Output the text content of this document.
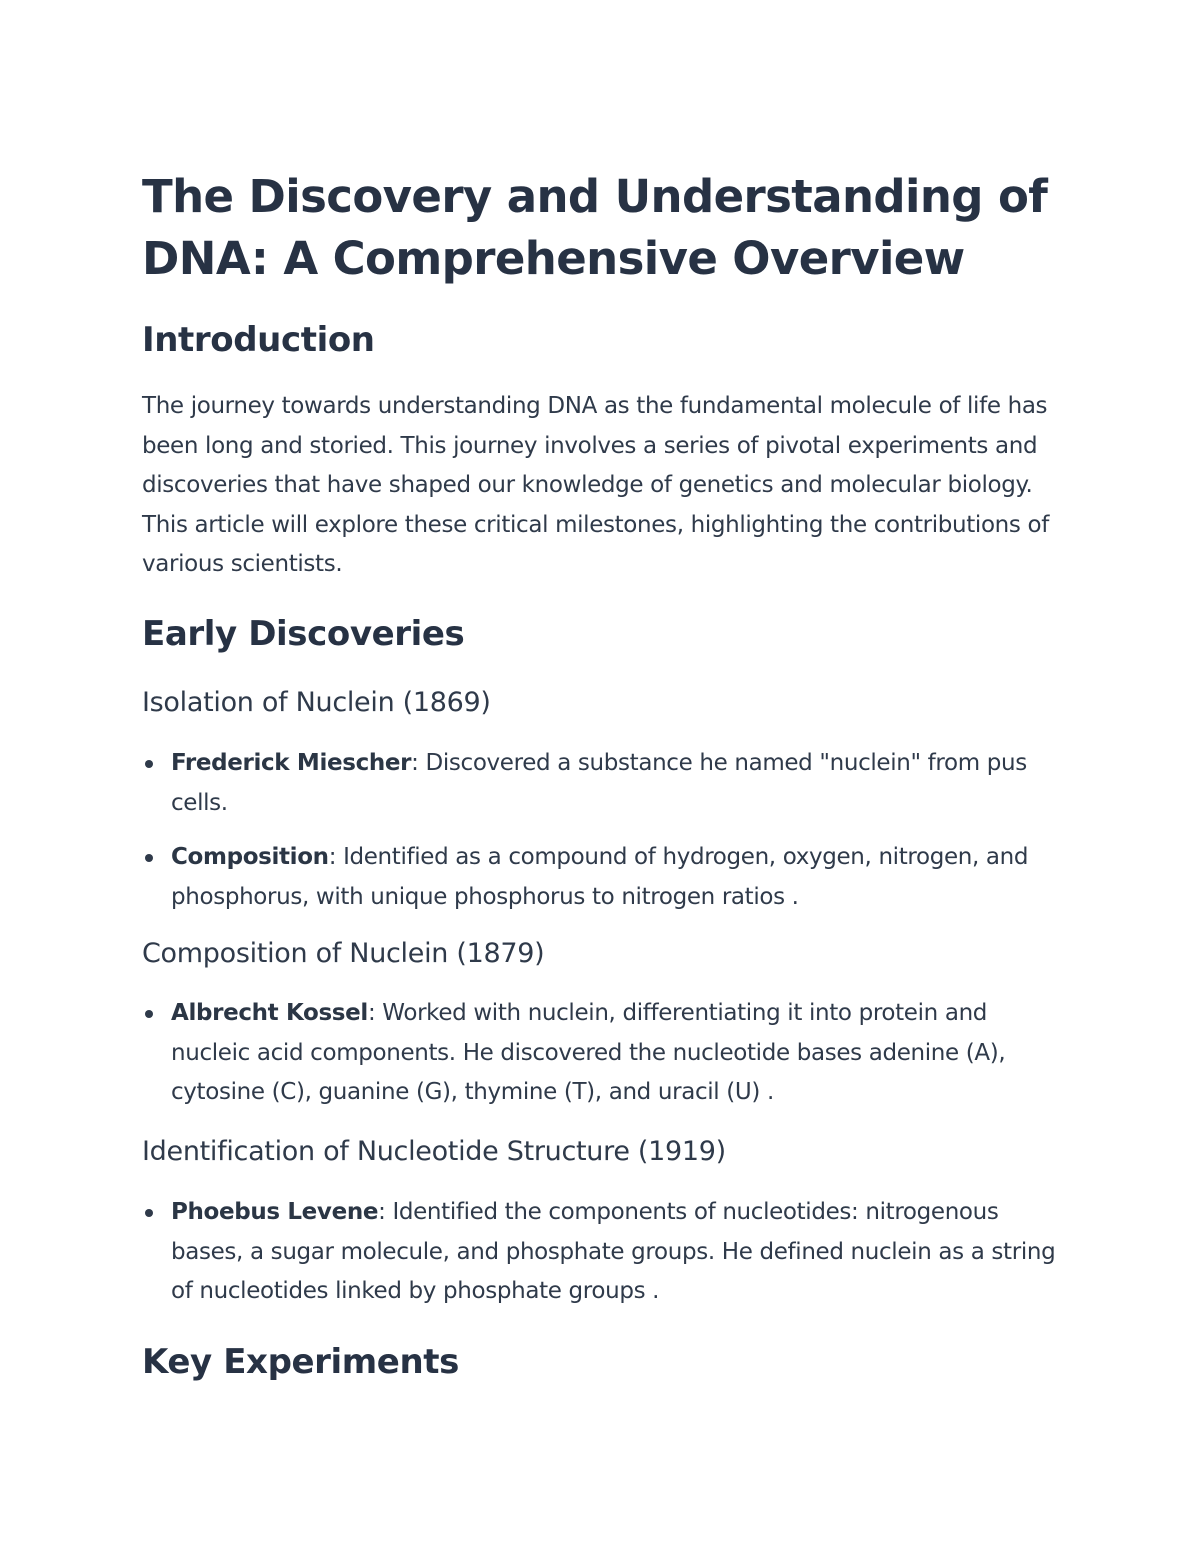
The Discovery and Understanding of DNA: A Comprehensive Overview
Introduction

The journey towards understanding DNA as the fundamental molecule of life has been long and storied. This journey involves a series of pivotal experiments and discoveries that have shaped our knowledge of genetics and molecular biology. This article will explore these critical milestones, highlighting the contributions of various scientists.

Early Discoveries
Isolation of Nuclein (1869)
Frederick Miescher: Discovered a substance he named "nuclein" from pus cells.
Composition: Identified as a compound of hydrogen, oxygen, nitrogen, and phosphorus, with unique phosphorus to nitrogen ratios .
Composition of Nuclein (1879)
Albrecht Kossel: Worked with nuclein, differentiating it into protein and nucleic acid components. He discovered the nucleotide bases adenine (A), cytosine (C), guanine (G), thymine (T), and uracil (U) .
Identification of Nucleotide Structure (1919)
Phoebus Levene: Identified the components of nucleotides: nitrogenous bases, a sugar molecule, and phosphate groups. He defined nuclein as a string of nucleotides linked by phosphate groups .
Key Experiments
